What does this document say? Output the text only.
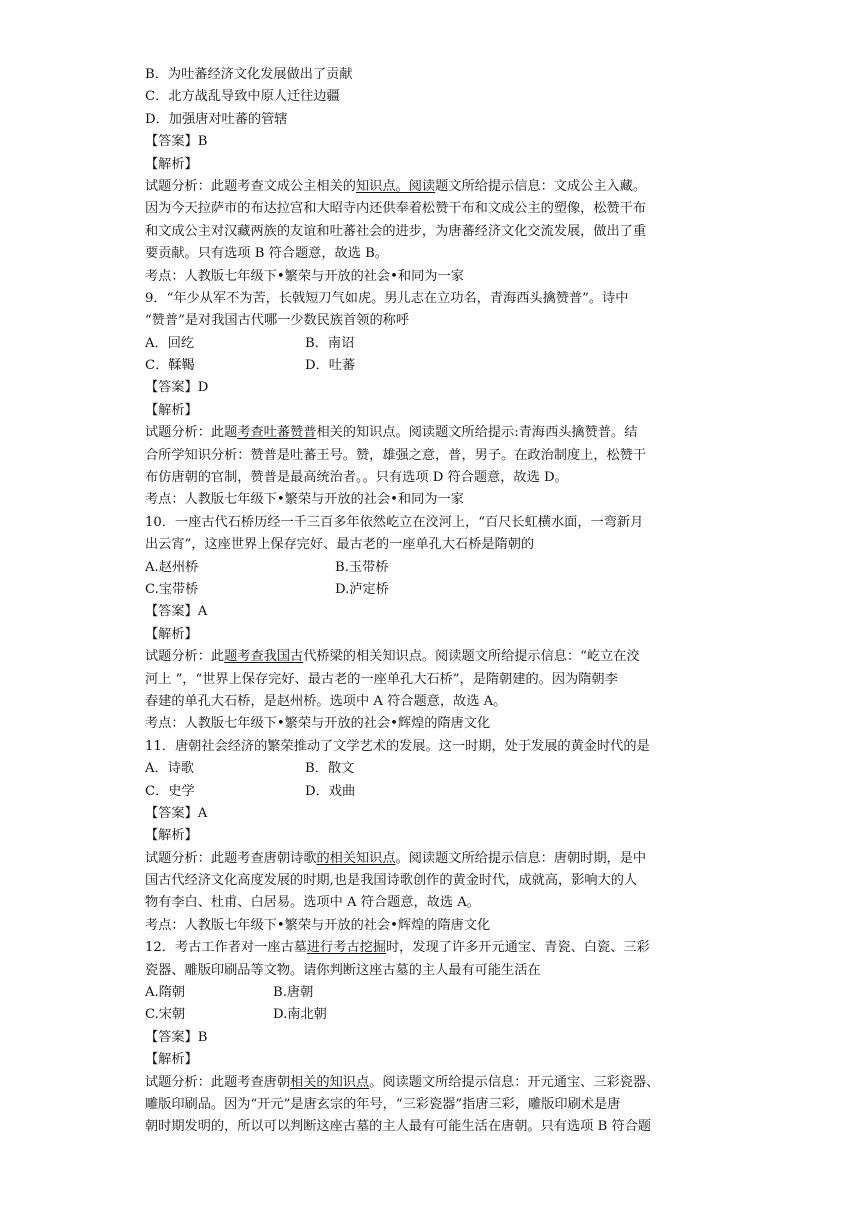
B．为吐蕃经济文化发展做出了贡献
C．北方战乱导致中原人迁往边疆
D．加强唐对吐蕃的管辖
【答案】B
【解析】
试题分析：此题考查文成公主相关的知识点。阅读题文所给提示信息：文成公主入藏。
因为今天拉萨市的布达拉宫和大昭寺内还供奉着松赞干布和文成公主的塑像，松赞干布
和文成公主对汉藏两族的友谊和吐蕃社会的进步，为唐蕃经济文化交流发展，做出了重
要贡献。只有选项 B 符合题意，故选 B。
考点：人教版七年级下•繁荣与开放的社会•和同为一家
9．“年少从军不为苦，长戟短刀气如虎。男儿志在立功名，青海西头擒赞普”。诗中
“赞普”是对我国古代哪一少数民族首领的称呼
A．回纥	B．南诏
C．鞣鞨	D．吐蕃
【答案】D
【解析】
试题分析：此题考查吐蕃赞普相关的知识点。阅读题文所给提示:青海西头擒赞普。结
合所学知识分析：赞普是吐蕃王号。赞，雄强之意，普，男子。在政治制度上，松赞干
布仿唐朝的官制，赞普是最高统治者。。只有选项 D 符合题意，故选 D。
考点：人教版七年级下•繁荣与开放的社会•和同为一家
10．一座古代石桥历经一千三百多年依然屹立在洨河上，“百尺长虹横水面，一弯新月
出云宵”，这座世界上保存完好、最古老的一座单孔大石桥是隋朝的
A.赵州桥	B.玉带桥
C.宝带桥	D.泸定桥
【答案】A
【解析】
试题分析：此题考查我国古代桥梁的相关知识点。阅读题文所给提示信息：“屹立在洨
河上 ”，“世界上保存完好、最古老的一座单孔大石桥”，是隋朝建的。因为隋朝李
春建的单孔大石桥，是赵州桥。选项中 A 符合题意，故选 A。
考点：人教版七年级下•繁荣与开放的社会•辉煌的隋唐文化
11．唐朝社会经济的繁荣推动了文学艺术的发展。这一时期，处于发展的黄金时代的是
A．诗歌	B．散文
C．史学	D．戏曲
【答案】A
【解析】
试题分析：此题考查唐朝诗歌的相关知识点。阅读题文所给提示信息：唐朝时期，是中
国古代经济文化高度发展的时期,也是我国诗歌创作的黄金时代，成就高，影响大的人
物有李白、杜甫、白居易。选项中 A 符合题意，故选 A。
考点：人教版七年级下•繁荣与开放的社会•辉煌的隋唐文化
12．考古工作者对一座古墓进行考古挖掘时，发现了许多开元通宝、青瓷、白瓷、三彩
瓷器、雕版印刷品等文物。请你判断这座古墓的主人最有可能生活在
A.隋朝	B.唐朝
C.宋朝	D.南北朝
【答案】B
【解析】
试题分析：此题考查唐朝相关的知识点。阅读题文所给提示信息：开元通宝、三彩瓷器、
雕版印刷品。因为“开元”是唐玄宗的年号，“三彩瓷器”指唐三彩，雕版印刷术是唐
朝时期发明的，所以可以判断这座古墓的主人最有可能生活在唐朝。只有选项 B 符合题
